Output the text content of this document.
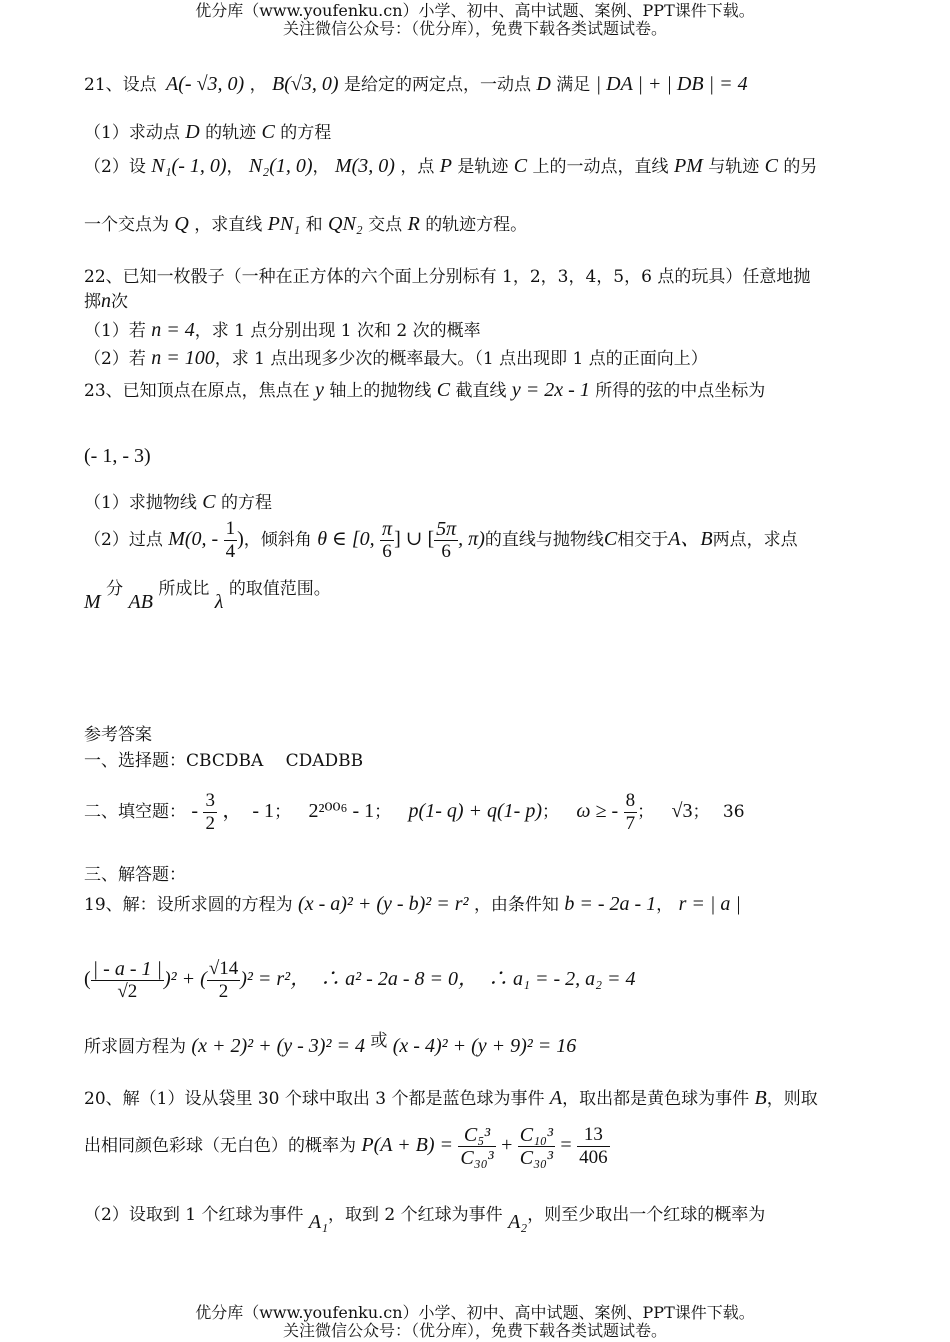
优分库（www.youfenku.cn）小学、初中、高中试题、案例、PPT课件下载。
关注微信公众号：（优分库），免费下载各类试题试卷。
21、设点 A(- √3, 0) ， B(√3, 0) 是给定的两定点，一动点 D 满足 | DA | + | DB | = 4
（1）求动点 D 的轨迹 C 的方程
（2）设 N₁(- 1, 0)， N₂(1, 0)， M(3, 0) ，点 P 是轨迹 C 上的一动点，直线 PM 与轨迹 C 的另
一个交点为 Q ，求直线 PN₁ 和 QN₂ 交点 R 的轨迹方程。
22、已知一枚骰子（一种在正方体的六个面上分别标有 1，2，3，4，5，6 点的玩具）任意地抛
掷n次
（1）若 n = 4，求 1 点分别出现 1 次和 2 次的概率
（2）若 n = 100，求 1 点出现多少次的概率最大。（1 点出现即 1 点的正面向上）
23、已知顶点在原点，焦点在 y 轴上的抛物线 C 截直线 y = 2x - 1 所得的弦的中点坐标为
(- 1, - 3)
（1）求抛物线 C 的方程
（2）过点 M(0, - $\frac{1}{4}$ )，倾斜角 θ ∈ [0, $\frac{\pi}{6}$ ] ∪ [ $\frac{5\pi}{6}$ , π)的直线与抛物线C相交于A、B两点，求点
M 分 AB 所成比 λ 的取值范围。
参考答案
一、选择题：CBCDBA　 CDADBB
二、填空题： - $\frac{3}{2}$ ，　- 1； 2²⁰⁰⁶ - 1； p(1- q) + q(1- p)； ω ≥ - $\frac{8}{7}$ ； √3； 36
三、解答题：
19、解：设所求圆的方程为 (x - a)² + (y - b)² = r² ，由条件知 b = - 2a - 1， r = | a |
( $\frac{| - a - 1 |}{√2} )^2$ + ( $\frac{√14}{2} )^2 = r^2$，　∴ a² - 2a - 8 = 0，　∴ a₁ = - 2, a₂ = 4
所求圆方程为 (x + 2)² + (y - 3)² = 4 或 (x - 4)² + (y + 9)² = 16
20、解（1）设从袋里 30 个球中取出 3 个都是蓝色球为事件 A，取出都是黄色球为事件 B，则取
出相同颜色彩球（无白色）的概率为 $P(A + B) = \frac{\text{C₅³}}{\text{C₃₀³}} + \frac{\text{C₁₀³}}{\text{C₃₀³}} = \frac{13}{406}$
（2）设取到 1 个红球为事件 A₁，取到 2 个红球为事件 A₂，则至少取出一个红球的概率为
优分库（www.youfenku.cn）小学、初中、高中试题、案例、PPT课件下载。
关注微信公众号：（优分库），免费下载各类试题试卷。
